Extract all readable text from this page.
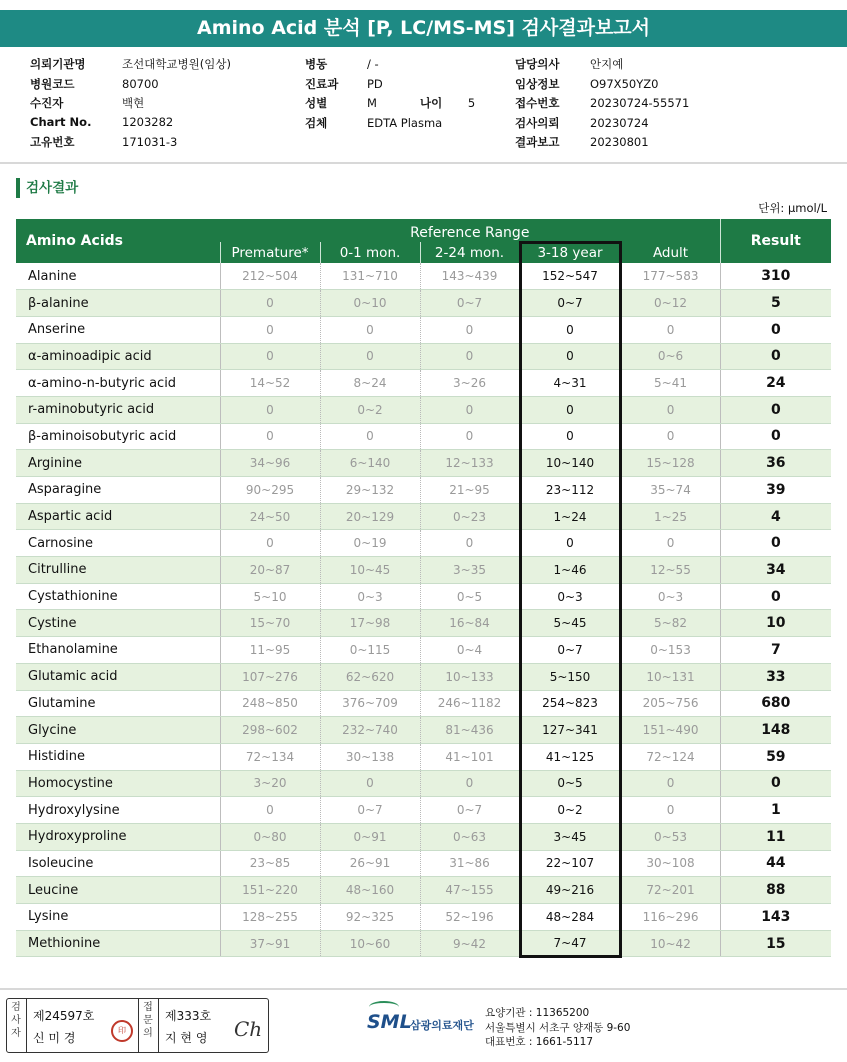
Amino Acid 분석 [P, LC/MS-MS] 검사결과보고서
의뢰기관명	조선대학교병원(임상)
병원코드	80700
수진자	백현
Chart No.	1203282
고유번호	171031-3
병동	/ -
진료과 PD
성별	M
검체	EDTA Plasma
나이 5
담당의사	안지예
임상정보	O97X50YZ0
접수번호	20230724-55571
검사의뢰	20230724
결과보고	20230801
검사결과
단위: μmol/L
Amino Acids	Reference Range					Result
	Premature*	0-1 mon.	2-24 mon.	3-18 year	Adult	
Alanine	212~504	131~710	143~439	152~547	177~583	310
β-alanine	0	0~10	0~7	0~7	0~12	5
Anserine	0	0	0	0	0	0
α-aminoadipic acid	0	0	0	0	0~6	0
α-amino-n-butyric acid	14~52	8~24	3~26	4~31	5~41	24
r-aminobutyric acid	0	0~2	0	0	0	0
β-aminoisobutyric acid	0	0	0	0	0	0
Arginine	34~96	6~140	12~133	10~140	15~128	36
Asparagine	90~295	29~132	21~95	23~112	35~74	39
Aspartic acid	24~50	20~129	0~23	1~24	1~25	4
Carnosine	0	0~19	0	0	0	0
Citrulline	20~87	10~45	3~35	1~46	12~55	34
Cystathionine	5~10	0~3	0~5	0~3	0~3	0
Cystine	15~70	17~98	16~84	5~45	5~82	10
Ethanolamine	11~95	0~115	0~4	0~7	0~153	7
Glutamic acid	107~276	62~620	10~133	5~150	10~131	33
Glutamine	248~850	376~709	246~1182	254~823	205~756	680
Glycine	298~602	232~740	81~436	127~341	151~490	148
Histidine	72~134	30~138	41~101	41~125	72~124	59
Homocystine	3~20	0	0	0~5	0	0
Hydroxylysine	0	0~7	0~7	0~2	0	1
Hydroxyproline	0~80	0~91	0~63	3~45	0~53	11
Isoleucine	23~85	26~91	31~86	22~107	30~108	44
Leucine	151~220	48~160	47~155	49~216	72~201	88
Lysine	128~255	92~325	52~196	48~284	116~296	143
Methionine	37~91	10~60	9~42	7~47	10~42	15
검
사
자
제24597호
신 미 경
印
접
문
의
제333호
지 현 영 Ch	SML
삼광의료재단
요양기관 : 11365200
서울특별시 서초구 양재동 9-60
대표번호 : 1661-5117
